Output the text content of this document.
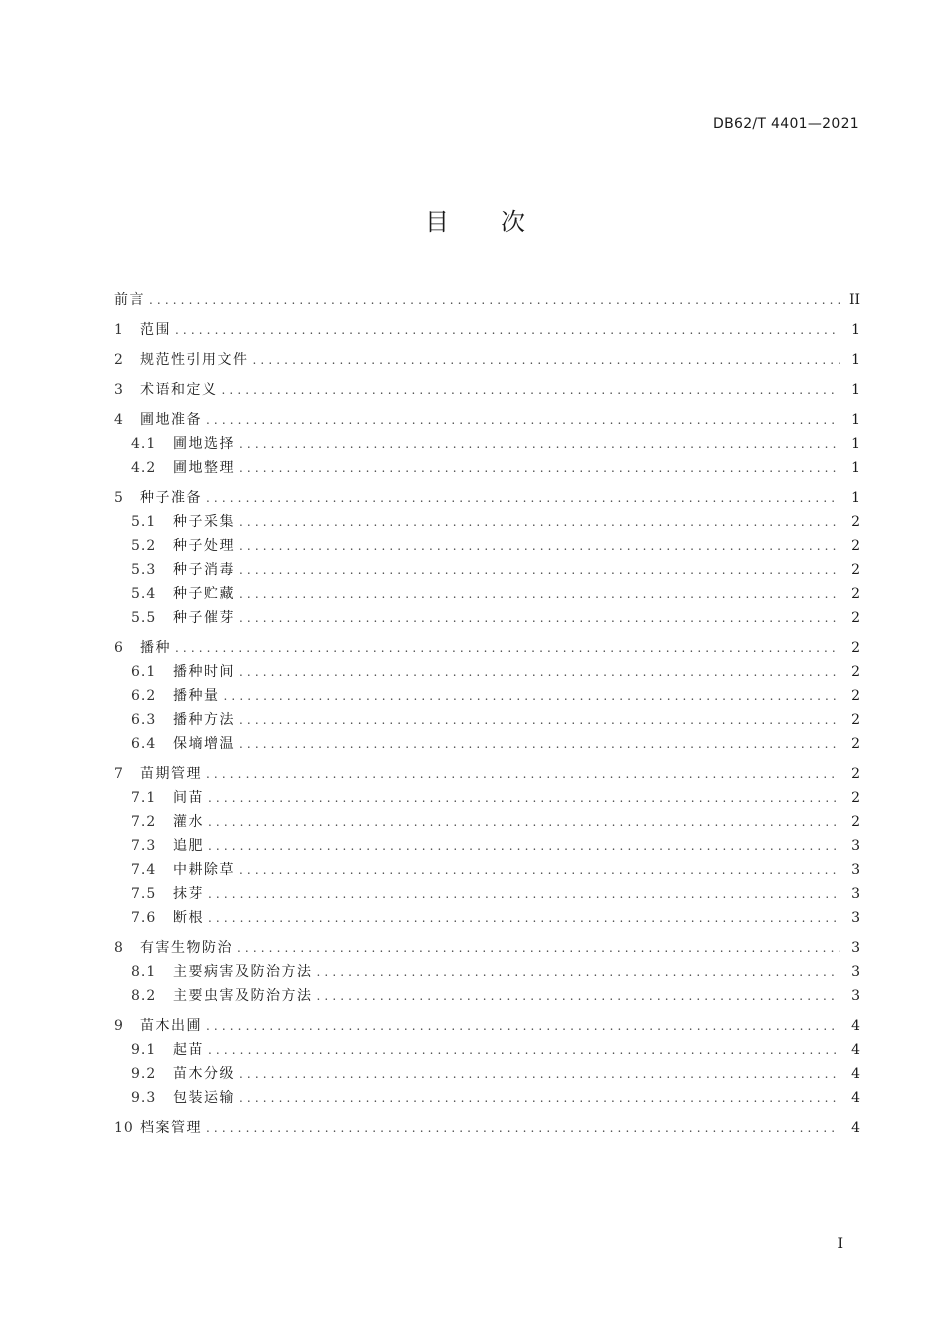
DB62/T 4401—2021
目次
前言 .....	II
1	范围 .....	1
2	规范性引用文件 .....	1
3	术语和定义 .....	1
4	圃地准备 .....	1
4.1	圃地选择 .....	1
4.2	圃地整理 .....	1
5	种子准备 .....	1
5.1	种子采集 .....	2
5.2	种子处理 .....	2
5.3	种子消毒 .....	2
5.4	种子贮藏 .....	2
5.5	种子催芽 .....	2
6	播种 .....	2
6.1	播种时间 .....	2
6.2	播种量 .....	2
6.3	播种方法 .....	2
6.4	保墒增温 .....	2
7	苗期管理 .....	2
7.1	间苗 .....	2
7.2	灌水 .....	2
7.3	追肥 .....	3
7.4	中耕除草 .....	3
7.5	抹芽 .....	3
7.6	断根 .....	3
8	有害生物防治 .....	3
8.1	主要病害及防治方法 .....	3
8.2	主要虫害及防治方法 .....	3
9	苗木出圃 .....	4
9.1	起苗 .....	4
9.2	苗木分级 .....	4
9.3	包装运输 .....	4
10 档案管理 .....	4
I
